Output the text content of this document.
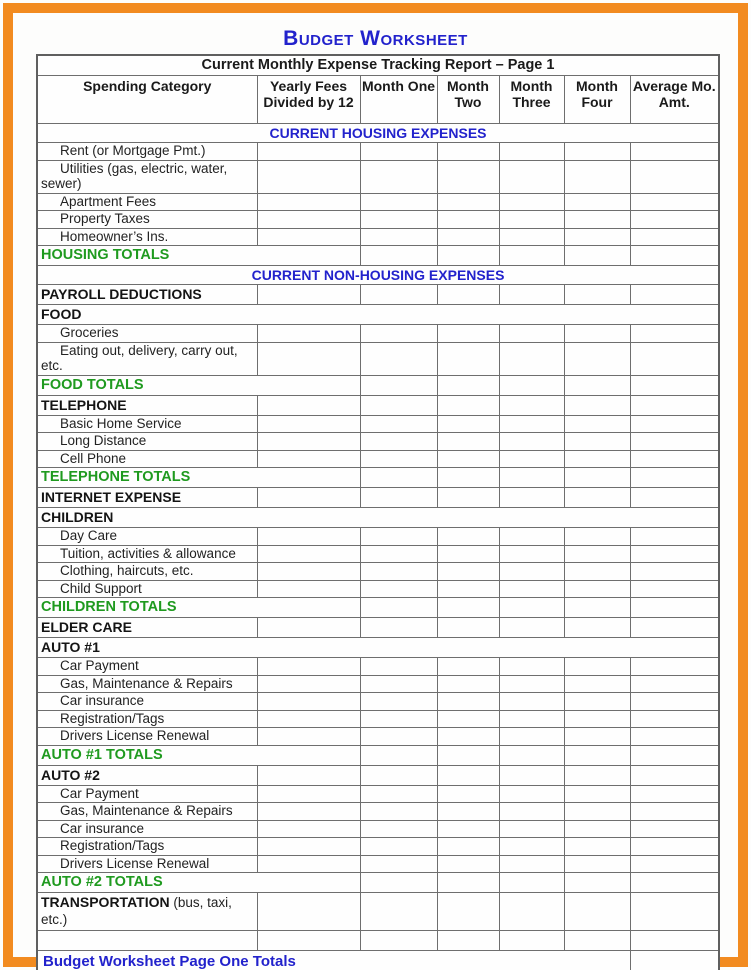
Budget Worksheet
Current Monthly Expense Tracking Report – Page 1						
Spending Category	Yearly Fees Divided by 12	Month One	Month Two	Month Three	Month Four	Average Mo. Amt.
CURRENT HOUSING EXPENSES						
Rent (or Mortgage Pmt.)						
Utilities (gas, electric, water, sewer)						
Apartment Fees						
Property Taxes						
Homeowner’s Ins.						
HOUSING TOTALS						
CURRENT NON-HOUSING EXPENSES						
PAYROLL DEDUCTIONS						
FOOD						
Groceries						
Eating out, delivery, carry out, etc.						
FOOD TOTALS						
TELEPHONE						
Basic Home Service						
Long Distance						
Cell Phone						
TELEPHONE TOTALS						
INTERNET EXPENSE						
CHILDREN						
Day Care						
Tuition, activities & allowance						
Clothing, haircuts, etc.						
Child Support						
CHILDREN TOTALS						
ELDER CARE						
AUTO #1						
Car Payment						
Gas, Maintenance & Repairs						
Car insurance						
Registration/Tags						
Drivers License Renewal						
AUTO #1 TOTALS						
AUTO #2						
Car Payment						
Gas, Maintenance & Repairs						
Car insurance						
Registration/Tags						
Drivers License Renewal						
AUTO #2 TOTALS						
TRANSPORTATION (bus, taxi, etc.)						

Budget Worksheet Page One Totals						
